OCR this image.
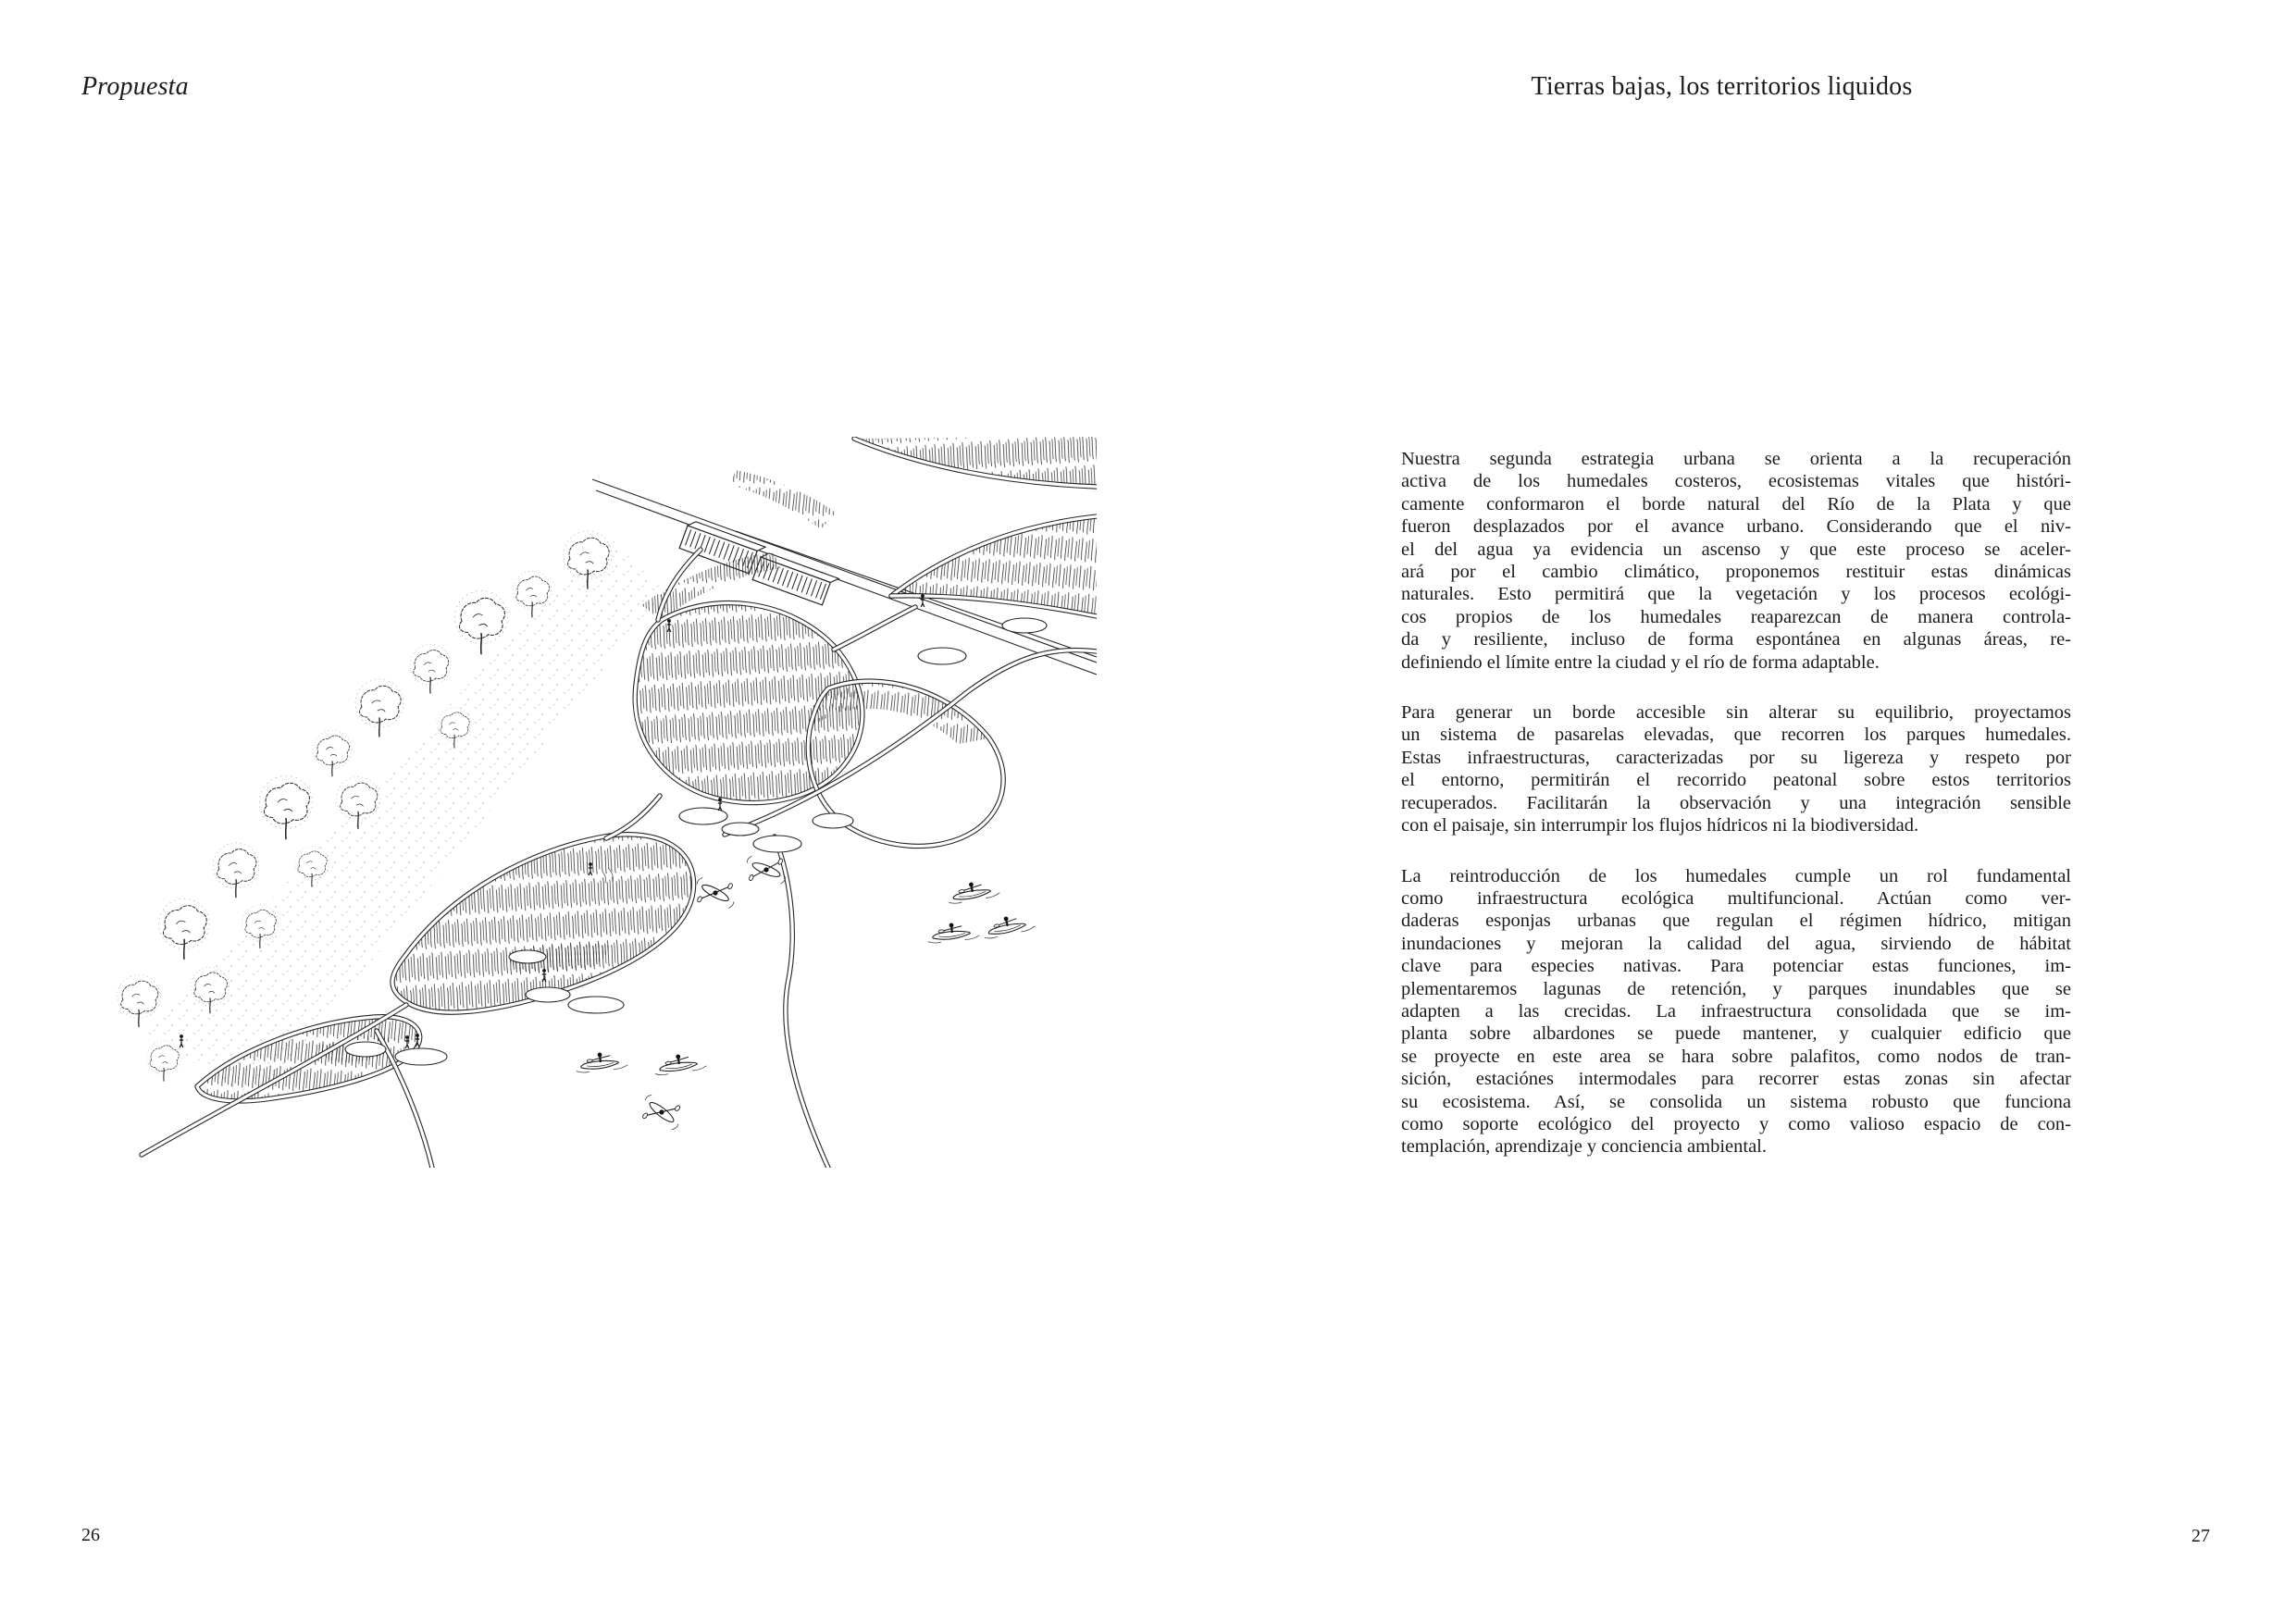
Propuesta	Tierras bajas, los territorios liquidos
Nuestra segunda estrategia urbana se orienta a la recuperación
activa de los humedales costeros, ecosistemas vitales que históri-
camente conformaron el borde natural del Río de la Plata y que
fueron desplazados por el avance urbano. Considerando que el niv-
el del agua ya evidencia un ascenso y que este proceso se aceler-
ará por el cambio climático, proponemos restituir estas dinámicas
naturales. Esto permitirá que la vegetación y los procesos ecológi-
cos propios de los humedales reaparezcan de manera controla-
da y resiliente, incluso de forma espontánea en algunas áreas, re-
definiendo el límite entre la ciudad y el río de forma adaptable.
Para generar un borde accesible sin alterar su equilibrio, proyectamos
un sistema de pasarelas elevadas, que recorren los parques humedales.
Estas infraestructuras, caracterizadas por su ligereza y respeto por
el entorno, permitirán el recorrido peatonal sobre estos territorios
recuperados. Facilitarán la observación y una integración sensible
con el paisaje, sin interrumpir los flujos hídricos ni la biodiversidad.
La reintroducción de los humedales cumple un rol fundamental
como infraestructura ecológica multifuncional. Actúan como ver-
daderas esponjas urbanas que regulan el régimen hídrico, mitigan
inundaciones y mejoran la calidad del agua, sirviendo de hábitat
clave para especies nativas. Para potenciar estas funciones, im-
plementaremos lagunas de retención, y parques inundables que se
adapten a las crecidas. La infraestructura consolidada que se im-
planta sobre albardones se puede mantener, y cualquier edificio que
se proyecte en este area se hara sobre palafitos, como nodos de tran-
sición, estaciónes intermodales para recorrer estas zonas sin afectar
su ecosistema. Así, se consolida un sistema robusto que funciona
como soporte ecológico del proyecto y como valioso espacio de con-
templación, aprendizaje y conciencia ambiental.
26	27
